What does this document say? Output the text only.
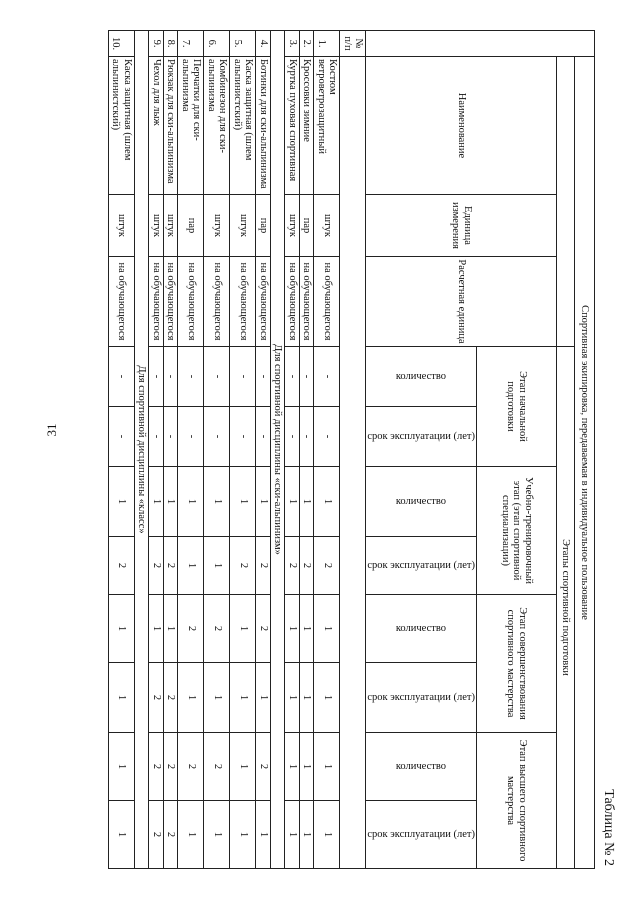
31
Таблица № 2
	Спортивная экипировка, передаваемая в индивидуальное пользование										
				Этапы спортивной подготовки							
	Наименование	Единица измерения	Расчетная единица	Этап начальной подготовки		Учебно-тренировочный этап (этап спортивной специализации)		Этап совершенствования спортивного мастерства		Этап высшего спортивного мастерства	

				количество	срок эксплуатации (лет)	количество	срок эксплуатации (лет)	количество	срок эксплуатации (лет)	количество	срок эксплуатации (лет)

№ п/п											
1.	Костюм ветроветрозащитный	штук	на обучающегося	-	-	1	2	1	1	1	1
2.	Кроссовки зимние	пар	на обучающегося	-	-	1	2	1	1	1	1
3.	Куртка пуховая спортивная	штук	на обучающегося	-	-	1	2	1	1	1	1
Для спортивной дисциплины «ски-альпинизм»											
4.	Ботинки для ски-альпинизма	пар	на обучающегося	-	-	1	2	2	1	2	1
5.	Каска защитная (шлем альпинистский)	штук	на обучающегося	-	-	1	2	1	1	1	1
6.	Комбинезон для ски-альпинизма	штук	на обучающегося	-	-	1	1	2	1	2	1
7.	Перчатки для ски-альпинизма	пар	на обучающегося	-	-	1	1	2	1	2	1
8.	Рюкзак для ски-альпинизма	штук	на обучающегося	-	-	1	2	1	2	2	2
9.	Чехол для лыж	штук	на обучающегося	-	-	1	2	1	2	2	2
Для спортивной дисциплины «класс»											
10.	Каска защитная (шлем альпинистский)	штук	на обучающегося	-	-	1	2	1	1	1	1
